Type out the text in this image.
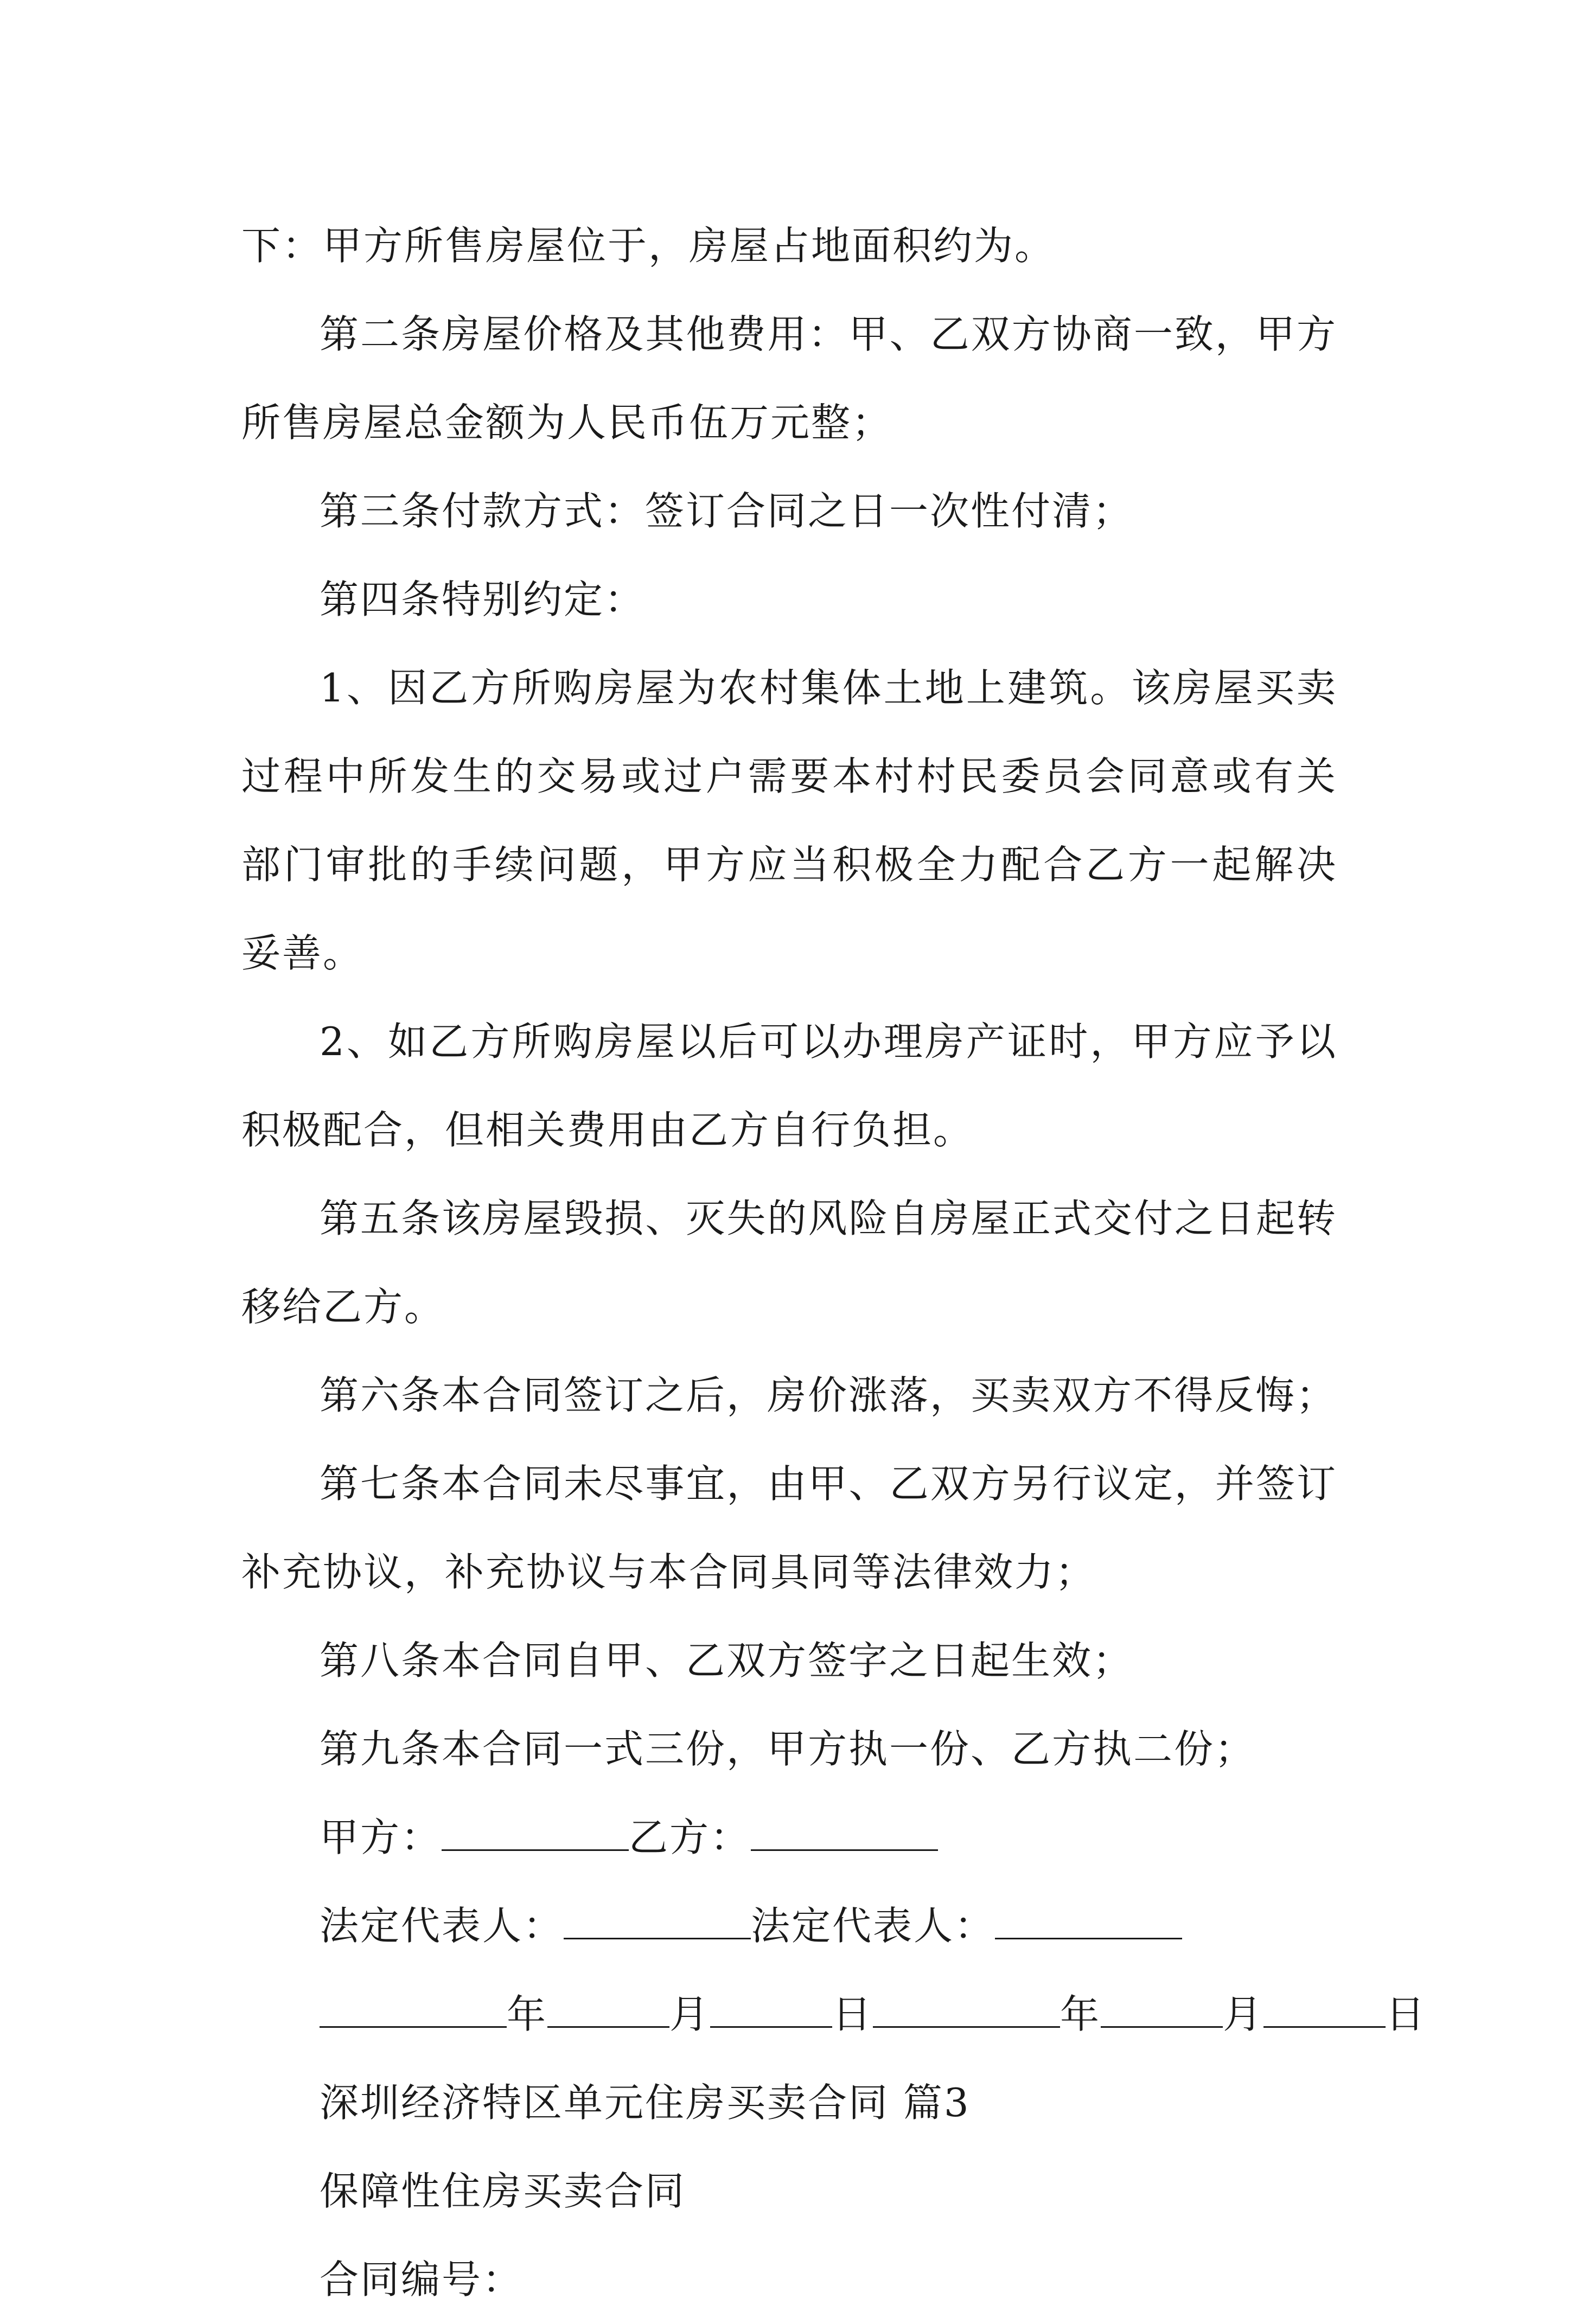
下：甲方所售房屋位于，房屋占地面积约为。

第二条房屋价格及其他费用：甲、乙双方协商一致，甲方所售房屋总金额为人民币伍万元整；

第三条付款方式：签订合同之日一次性付清；

第四条特别约定：

1、因乙方所购房屋为农村集体土地上建筑。该房屋买卖过程中所发生的交易或过户需要本村村民委员会同意或有关部门审批的手续问题，甲方应当积极全力配合乙方一起解决妥善。

2、如乙方所购房屋以后可以办理房产证时，甲方应予以积极配合，但相关费用由乙方自行负担。

第五条该房屋毁损、灭失的风险自房屋正式交付之日起转移给乙方。

第六条本合同签订之后，房价涨落，买卖双方不得反悔；

第七条本合同未尽事宜，由甲、乙双方另行议定，并签订补充协议，补充协议与本合同具同等法律效力；

第八条本合同自甲、乙双方签字之日起生效；

第九条本合同一式三份，甲方执一份、乙方执二份；

甲方：	乙方：

法定代表人：	法定代表人：

年	月	日	年	月	日

深圳经济特区单元住房买卖合同 篇3

保障性住房买卖合同

合同编号：
